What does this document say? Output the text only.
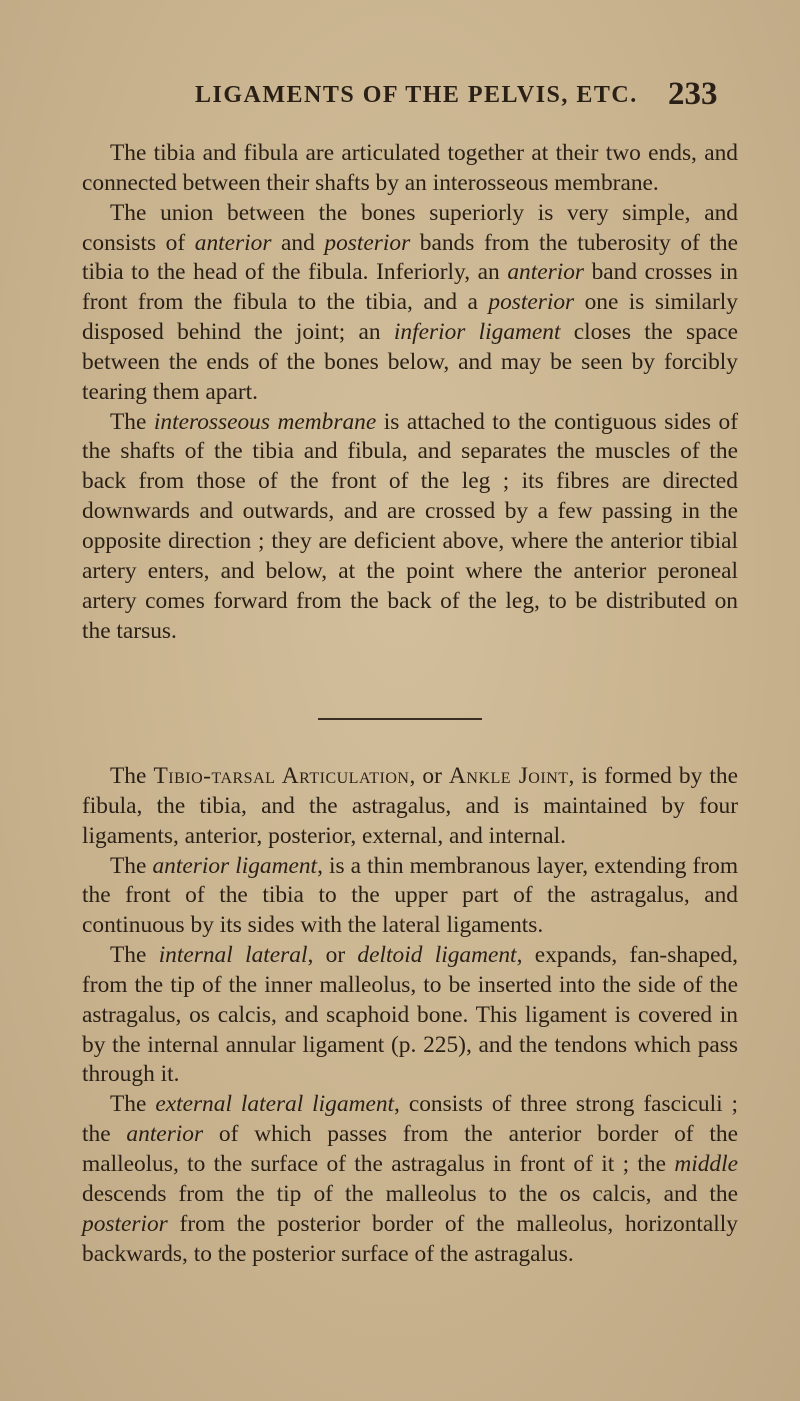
LIGAMENTS OF THE PELVIS, ETC. 233

The tibia and fibula are articulated together at their two ends, and connected between their shafts by an interosseous membrane.

The union between the bones superiorly is very simple, and consists of anterior and posterior bands from the tuberosity of the tibia to the head of the fibula. Inferiorly, an anterior band crosses in front from the fibula to the tibia, and a posterior one is similarly disposed behind the joint; an inferior ligament closes the space between the ends of the bones below, and may be seen by forcibly tearing them apart.

The interosseous membrane is attached to the contiguous sides of the shafts of the tibia and fibula, and separates the muscles of the back from those of the front of the leg ; its fibres are directed downwards and outwards, and are crossed by a few passing in the opposite direction ; they are deficient above, where the anterior tibial artery enters, and below, at the point where the anterior peroneal artery comes forward from the back of the leg, to be distributed on the tarsus.

The Tibio-tarsal Articulation, or Ankle Joint, is formed by the fibula, the tibia, and the astragalus, and is maintained by four ligaments, anterior, posterior, external, and internal.

The anterior ligament, is a thin membranous layer, extending from the front of the tibia to the upper part of the astragalus, and continuous by its sides with the lateral ligaments.

The internal lateral, or deltoid ligament, expands, fan-shaped, from the tip of the inner malleolus, to be inserted into the side of the astragalus, os calcis, and scaphoid bone. This ligament is covered in by the internal annular ligament (p. 225), and the tendons which pass through it.

The external lateral ligament, consists of three strong fasciculi ; the anterior of which passes from the anterior border of the malleolus, to the surface of the astragalus in front of it ; the middle descends from the tip of the malleolus to the os calcis, and the posterior from the posterior border of the malleolus, horizontally backwards, to the posterior surface of the astragalus.
